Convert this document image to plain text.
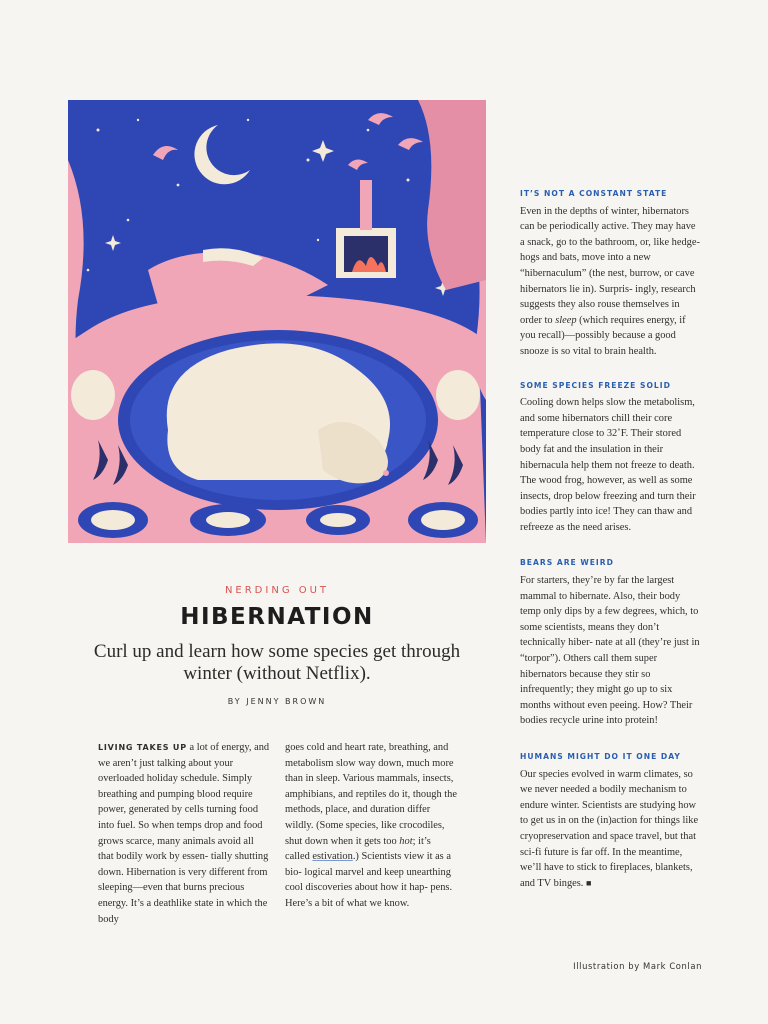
NERDING OUT
HIBERNATION
Curl up and learn how some species get through winter (without Netflix).
BY JENNY BROWN
LIVING TAKES UP a lot of energy, and we aren’t just talking about your overloaded holiday schedule. Simply breathing and pumping blood require power, generated by cells turning food into fuel. So when temps drop and food grows scarce, many animals avoid all that bodily work by essen- tially shutting down. Hibernation is very different from sleeping—even that burns precious energy. It’s a deathlike state in which the body
goes cold and heart rate, breathing, and metabolism slow way down, much more than in sleep. Various mammals, insects, amphibians, and reptiles do it, though the methods, place, and duration differ wildly. (Some species, like crocodiles, shut down when it gets too hot; it’s called estivation.) Scientists view it as a bio- logical marvel and keep unearthing cool discoveries about how it hap- pens. Here’s a bit of what we know.
IT’S NOT A CONSTANT STATE

Even in the depths of winter, hibernators can be periodically active. They may have a snack, go to the bathroom, or, like hedge- hogs and bats, move into a new “hibernaculum” (the nest, burrow, or cave hibernators lie in). Surpris- ingly, research suggests they also rouse themselves in order to sleep (which requires energy, if you recall)—possibly because a good snooze is so vital to brain health.

SOME SPECIES FREEZE SOLID

Cooling down helps slow the metabolism, and some hibernators chill their core temperature close to 32˚F. Their stored body fat and the insulation in their hibernacula help them not freeze to death. The wood frog, however, as well as some insects, drop below freezing and turn their bodies partly into ice! They can thaw and refreeze as the need arises.

BEARS ARE WEIRD

For starters, they’re by far the largest mammal to hibernate. Also, their body temp only dips by a few degrees, which, to some scientists, means they don’t technically hiber- nate at all (they’re just in “torpor”). Others call them super hibernators because they stir so infrequently; they might go up to six months without even peeing. How? Their bodies recycle urine into protein!

HUMANS MIGHT DO IT ONE DAY

Our species evolved in warm climates, so we never needed a bodily mechanism to endure winter. Scientists are studying how to get us in on the (in)action for things like cryopreservation and space travel, but that sci-fi future is far off. In the meantime, we’ll have to stick to fireplaces, blankets, and TV binges. ■

Illustration by Mark Conlan
